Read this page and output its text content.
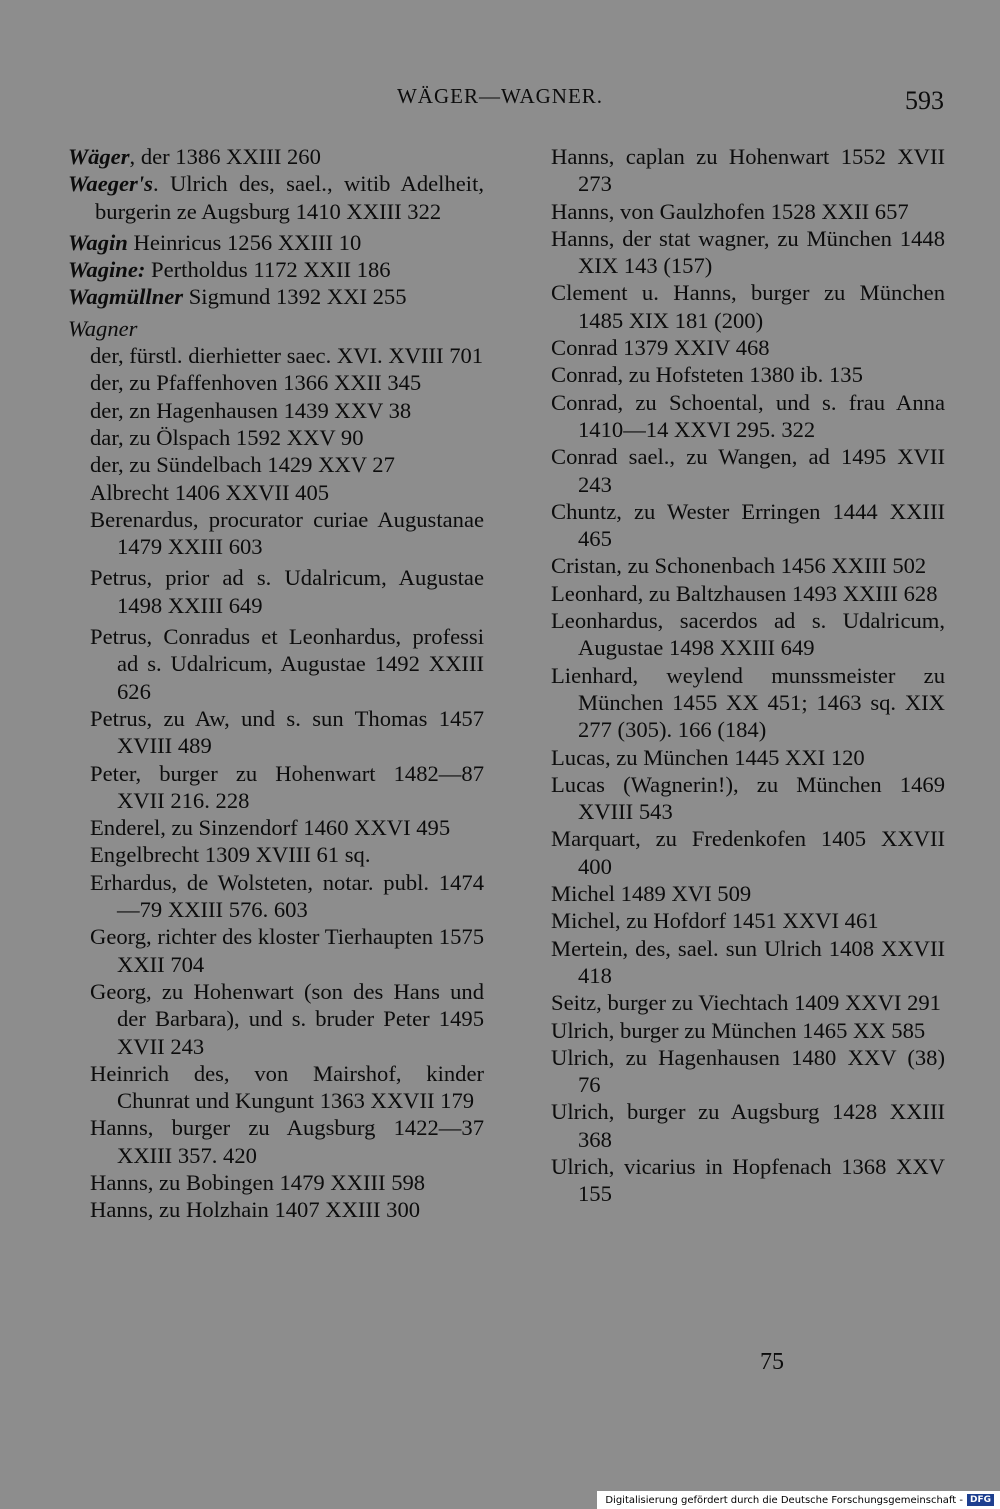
WÄGER—WAGNER.	593

Wäger, der 1386 XXIII 260

Waeger's. Ulrich des, sael., witib Adelheit, burgerin ze Augsburg 1410 XXIII 322

Wagin Heinricus 1256 XXIII 10

Wagine: Pertholdus 1172 XXII 186

Wagmüllner Sigmund 1392 XXI 255

Wagner

der, fürstl. dierhietter saec. XVI. XVIII 701

der, zu Pfaffenhoven 1366 XXII 345

der, zn Hagenhausen 1439 XXV 38

dar, zu Ölspach 1592 XXV 90

der, zu Sündelbach 1429 XXV 27

Albrecht 1406 XXVII 405

Berenardus, procurator curiae Augustanae 1479 XXIII 603

Petrus, prior ad s. Udalricum, Augustae 1498 XXIII 649

Petrus, Conradus et Leonhardus, professi ad s. Udalricum, Augustae 1492 XXIII 626

Petrus, zu Aw, und s. sun Thomas 1457 XVIII 489

Peter, burger zu Hohenwart 1482—87 XVII 216. 228

Enderel, zu Sinzendorf 1460 XXVI 495

Engelbrecht 1309 XVIII 61 sq.

Erhardus, de Wolsteten, notar. publ. 1474—79 XXIII 576. 603

Georg, richter des kloster Tierhaupten 1575 XXII 704

Georg, zu Hohenwart (son des Hans und der Barbara), und s. bruder Peter 1495 XVII 243

Heinrich des, von Mairshof, kinder Chunrat und Kungunt 1363 XXVII 179

Hanns, burger zu Augsburg 1422—37 XXIII 357. 420

Hanns, zu Bobingen 1479 XXIII 598

Hanns, zu Holzhain 1407 XXIII 300

Hanns, caplan zu Hohenwart 1552 XVII 273

Hanns, von Gaulzhofen 1528 XXII 657

Hanns, der stat wagner, zu München 1448 XIX 143 (157)

Clement u. Hanns, burger zu München 1485 XIX 181 (200)

Conrad 1379 XXIV 468

Conrad, zu Hofsteten 1380 ib. 135

Conrad, zu Schoental, und s. frau Anna 1410—14 XXVI 295. 322

Conrad sael., zu Wangen, ad 1495 XVII 243

Chuntz, zu Wester Erringen 1444 XXIII 465

Cristan, zu Schonenbach 1456 XXIII 502

Leonhard, zu Baltzhausen 1493 XXIII 628

Leonhardus, sacerdos ad s. Udalricum, Augustae 1498 XXIII 649

Lienhard, weylend munssmeister zu München 1455 XX 451; 1463 sq. XIX 277 (305). 166 (184)

Lucas, zu München 1445 XXI 120

Lucas (Wagnerin!), zu München 1469 XVIII 543

Marquart, zu Fredenkofen 1405 XXVII 400

Michel 1489 XVI 509

Michel, zu Hofdorf 1451 XXVI 461

Mertein, des, sael. sun Ulrich 1408 XXVII 418

Seitz, burger zu Viechtach 1409 XXVI 291

Ulrich, burger zu München 1465 XX 585

Ulrich, zu Hagenhausen 1480 XXV (38) 76

Ulrich, burger zu Augsburg 1428 XXIII 368

Ulrich, vicarius in Hopfenach 1368 XXV 155

75
Digitalisierung gefördert durch die Deutsche Forschungsgemeinschaft - DFG
